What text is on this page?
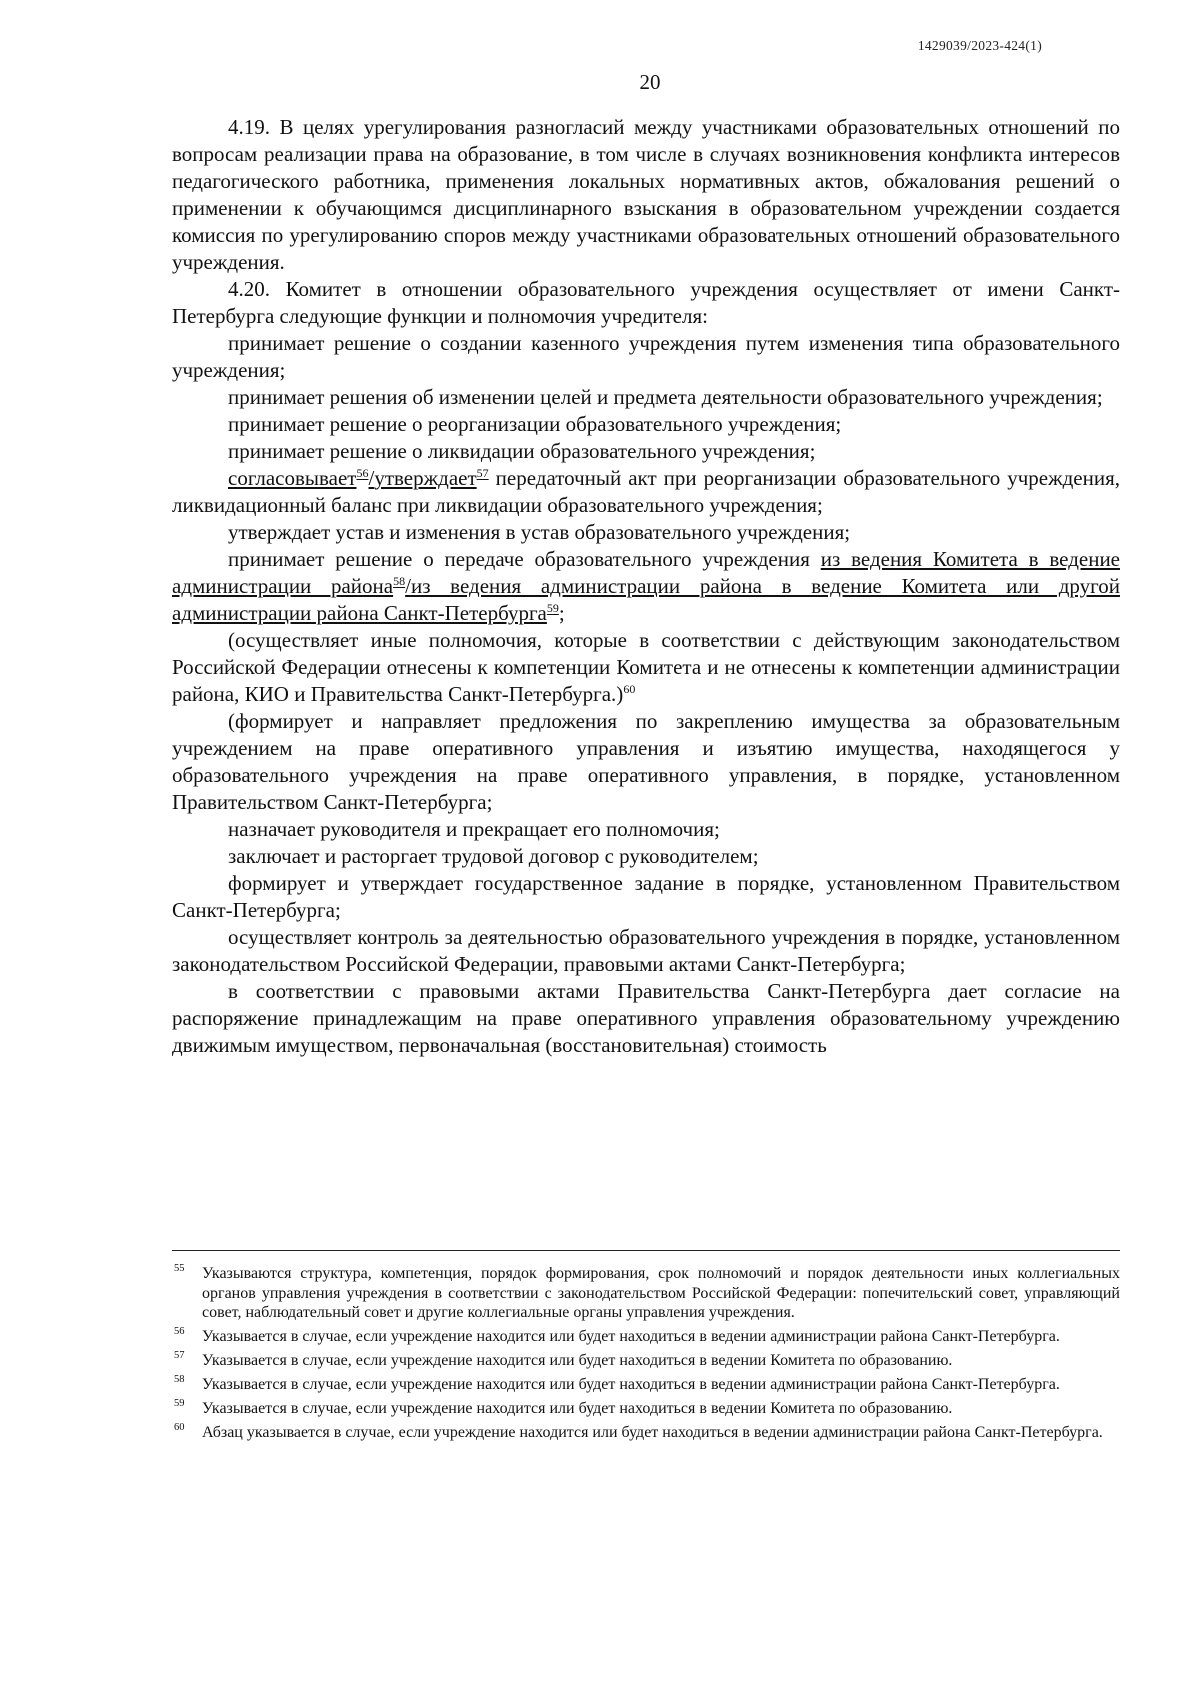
1429039/2023-424(1)
20

4.19. В целях урегулирования разногласий между участниками образовательных отношений по вопросам реализации права на образование, в том числе в случаях возникновения конфликта интересов педагогического работника, применения локальных нормативных актов, обжалования решений о применении к обучающимся дисциплинарного взыскания в образовательном учреждении создается комиссия по урегулированию споров между участниками образовательных отношений образовательного учреждения.

4.20. Комитет в отношении образовательного учреждения осуществляет от имени Санкт-Петербурга следующие функции и полномочия учредителя:

принимает решение о создании казенного учреждения путем изменения типа образовательного учреждения;

принимает решения об изменении целей и предмета деятельности образовательного учреждения;

принимает решение о реорганизации образовательного учреждения;

принимает решение о ликвидации образовательного учреждения;

согласовывает$^{56}$/утверждает$^{57}$ передаточный акт при реорганизации образовательного учреждения, ликвидационный баланс при ликвидации образовательного учреждения;

утверждает устав и изменения в устав образовательного учреждения;

принимает решение о передаче образовательного учреждения из ведения Комитета в ведение администрации района$^{58}$/из ведения администрации района в ведение Комитета или другой администрации района Санкт-Петербурга$^{59}$;

(осуществляет иные полномочия, которые в соответствии с действующим законодательством Российской Федерации отнесены к компетенции Комитета и не отнесены к компетенции администрации района, КИО и Правительства Санкт-Петербурга.)$^{60}$

(формирует и направляет предложения по закреплению имущества за образовательным учреждением на праве оперативного управления и изъятию имущества, находящегося у образовательного учреждения на праве оперативного управления, в порядке, установленном Правительством Санкт-Петербурга;

назначает руководителя и прекращает его полномочия;

заключает и расторгает трудовой договор с руководителем;

формирует и утверждает государственное задание в порядке, установленном Правительством Санкт-Петербурга;

осуществляет контроль за деятельностью образовательного учреждения в порядке, установленном законодательством Российской Федерации, правовыми актами Санкт-Петербурга;

в соответствии с правовыми актами Правительства Санкт-Петербурга дает согласие на распоряжение принадлежащим на праве оперативного управления образовательному учреждению движимым имуществом, первоначальная (восстановительная) стоимость

55 Указываются структура, компетенция, порядок формирования, срок полномочий и порядок деятельности иных коллегиальных органов управления учреждения в соответствии с законодательством Российской Федерации: попечительский совет, управляющий совет, наблюдательный совет и другие коллегиальные органы управления учреждения.
56 Указывается в случае, если учреждение находится или будет находиться в ведении администрации района Санкт-Петербурга.
57 Указывается в случае, если учреждение находится или будет находиться в ведении Комитета по образованию.
58 Указывается в случае, если учреждение находится или будет находиться в ведении администрации района Санкт-Петербурга.
59 Указывается в случае, если учреждение находится или будет находиться в ведении Комитета по образованию.
60 Абзац указывается в случае, если учреждение находится или будет находиться в ведении администрации района Санкт-Петербурга.
